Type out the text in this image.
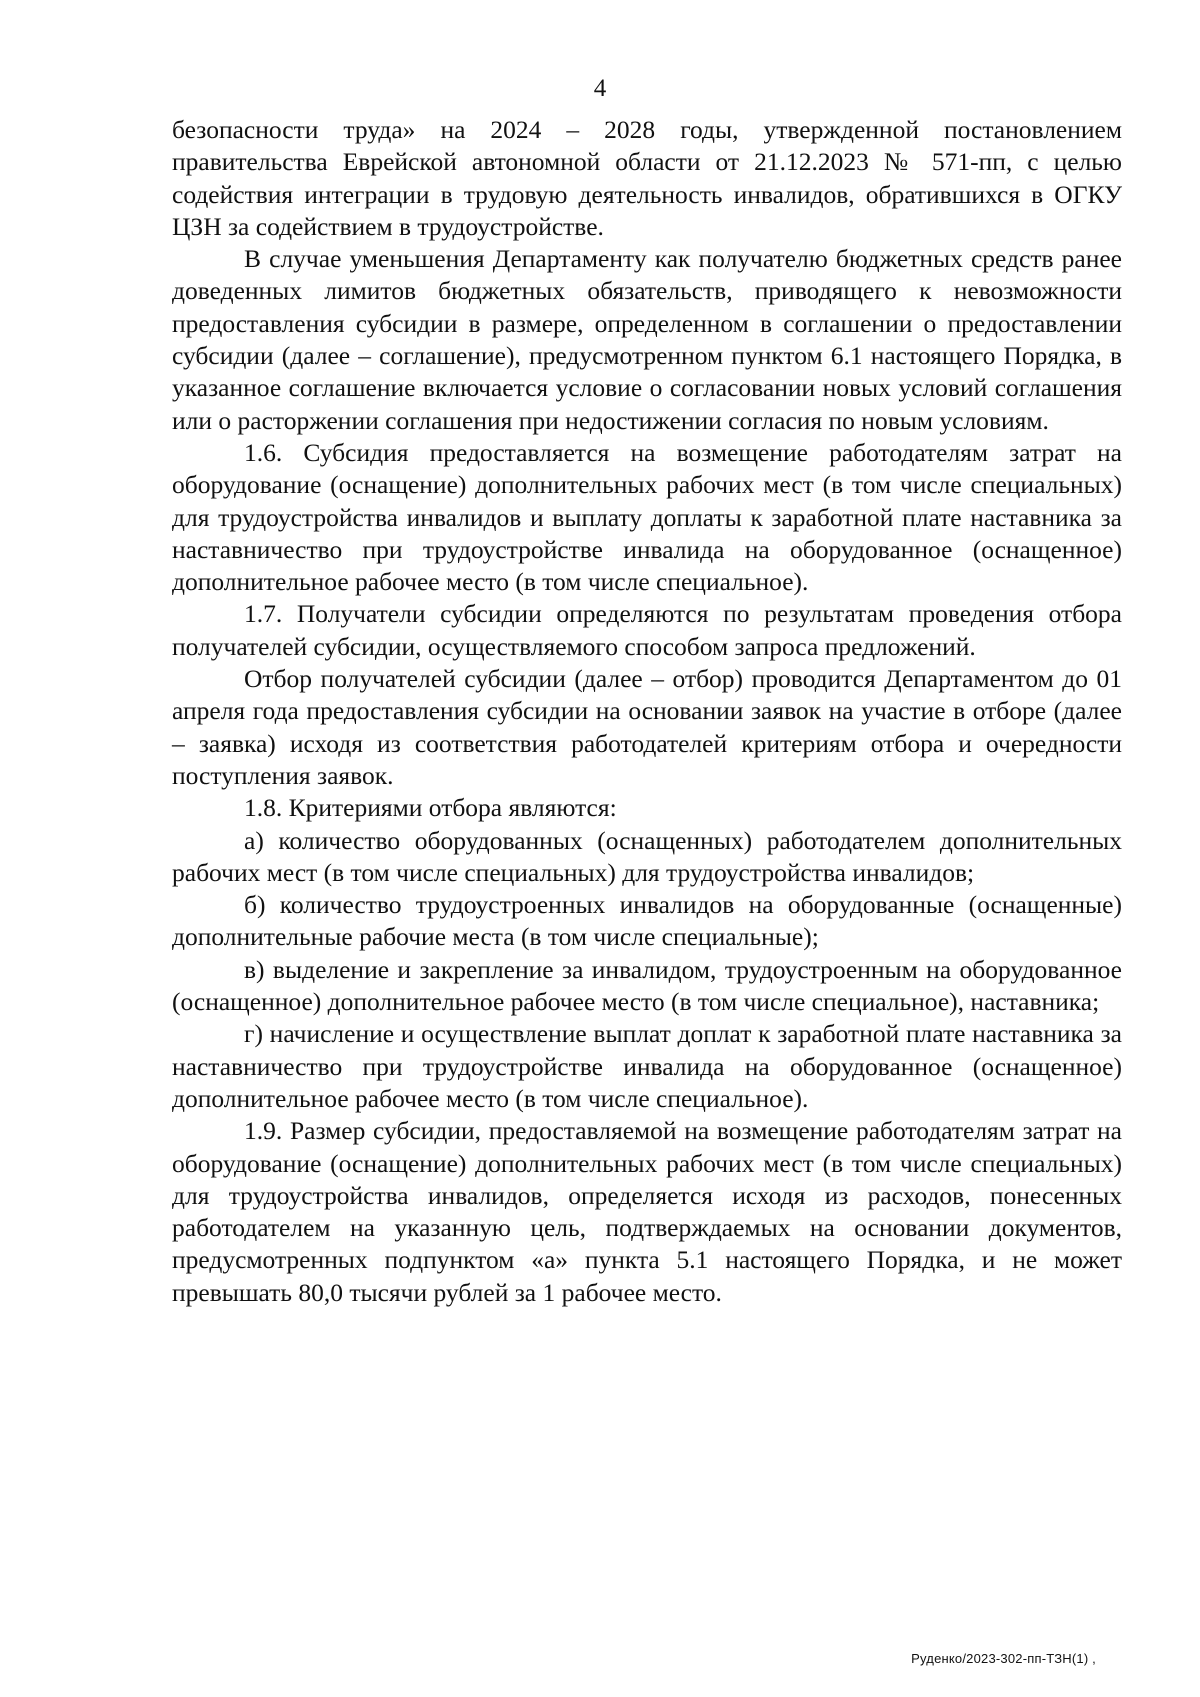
4

безопасности труда» на 2024 – 2028 годы, утвержденной постановлением правительства Еврейской автономной области от 21.12.2023 № 571-пп, с целью содействия интеграции в трудовую деятельность инвалидов, обратившихся в ОГКУ ЦЗН за содействием в трудоустройстве.

В случае уменьшения Департаменту как получателю бюджетных средств ранее доведенных лимитов бюджетных обязательств, приводящего к невозможности предоставления субсидии в размере, определенном в соглашении о предоставлении субсидии (далее – соглашение), предусмотренном пунктом 6.1 настоящего Порядка, в указанное соглашение включается условие о согласовании новых условий соглашения или о расторжении соглашения при недостижении согласия по новым условиям.

1.6. Субсидия предоставляется на возмещение работодателям затрат на оборудование (оснащение) дополнительных рабочих мест (в том числе специальных) для трудоустройства инвалидов и выплату доплаты к заработной плате наставника за наставничество при трудоустройстве инвалида на оборудованное (оснащенное) дополнительное рабочее место (в том числе специальное).

1.7. Получатели субсидии определяются по результатам проведения отбора получателей субсидии, осуществляемого способом запроса предложений.

Отбор получателей субсидии (далее – отбор) проводится Департаментом до 01 апреля года предоставления субсидии на основании заявок на участие в отборе (далее – заявка) исходя из соответствия работодателей критериям отбора и очередности поступления заявок.

1.8. Критериями отбора являются:

а) количество оборудованных (оснащенных) работодателем дополнительных рабочих мест (в том числе специальных) для трудоустройства инвалидов;

б) количество трудоустроенных инвалидов на оборудованные (оснащенные) дополнительные рабочие места (в том числе специальные);

в) выделение и закрепление за инвалидом, трудоустроенным на оборудованное (оснащенное) дополнительное рабочее место (в том числе специальное), наставника;

г) начисление и осуществление выплат доплат к заработной плате наставника за наставничество при трудоустройстве инвалида на оборудованное (оснащенное) дополнительное рабочее место (в том числе специальное).

1.9. Размер субсидии, предоставляемой на возмещение работодателям затрат на оборудование (оснащение) дополнительных рабочих мест (в том числе специальных) для трудоустройства инвалидов, определяется исходя из расходов, понесенных работодателем на указанную цель, подтверждаемых на основании документов, предусмотренных подпунктом «а» пункта 5.1 настоящего Порядка, и не может превышать 80,0 тысячи рублей за 1 рабочее место.

Руденко/2023-302-пп-ТЗН(1) ,
